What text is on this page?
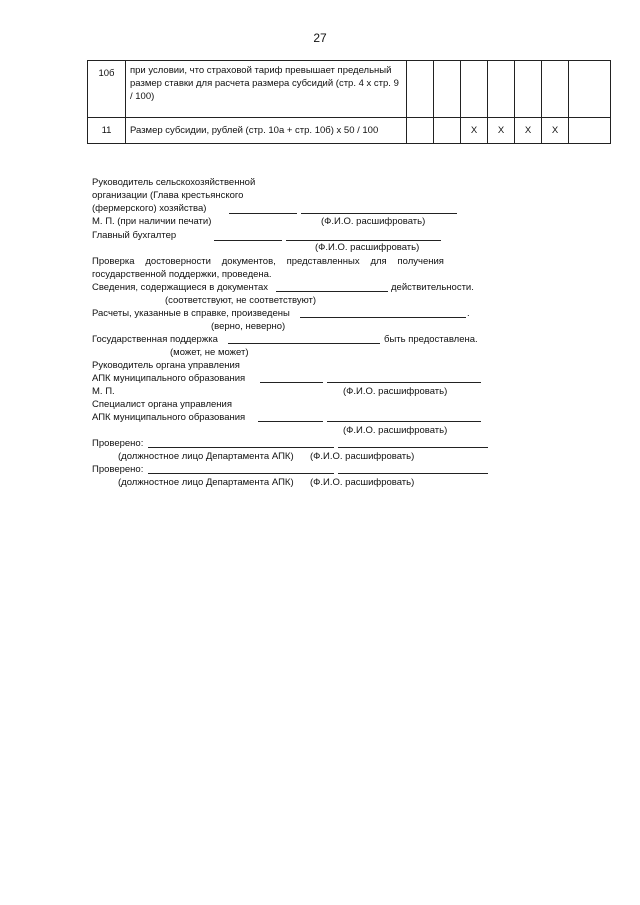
27
10б	при условии, что страховой тариф превышает предельный размер ставки для расчета размера субсидий (стр. 4 х стр. 9 / 100)							
11	Размер субсидии, рублей (стр. 10а + стр. 10б) х 50 / 100			X	X	X	X	
Руководитель сельскохозяйственной
организации (Глава крестьянского
(фермерского) хозяйства)
М. П. (при наличии печати)	(Ф.И.О. расшифровать)
Главный бухгалтер
(Ф.И.О. расшифровать)
Проверка достоверности документов, представленных для получения
государственной поддержки, проведена.
Сведения, содержащиеся в документах	действительности.
(соответствуют, не соответствуют)
Расчеты, указанные в справке, произведены	.
(верно, неверно)
Государственная поддержка	быть предоставлена.
(может, не может)
Руководитель органа управления
АПК муниципального образования
М. П.	(Ф.И.О. расшифровать)
Специалист органа управления
АПК муниципального образования
(Ф.И.О. расшифровать)
Проверено:
(должностное лицо Департамента АПК) (Ф.И.О. расшифровать)
Проверено:
(должностное лицо Департамента АПК) (Ф.И.О. расшифровать)
